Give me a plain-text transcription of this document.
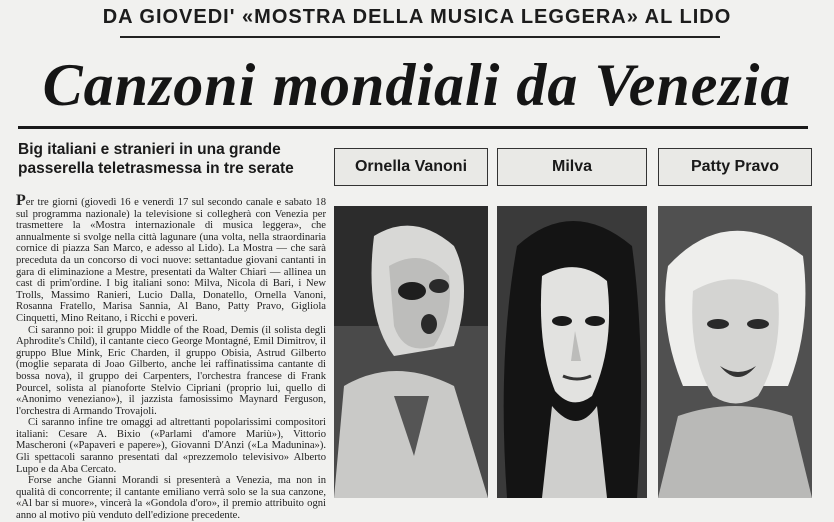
DA GIOVEDI' «MOSTRA DELLA MUSICA LEGGERA» AL LIDO
Canzoni mondiali da Venezia
Big italiani e stranieri in una grande passerella teletrasmessa in tre serate

Per tre giorni (giovedì 16 e venerdì 17 sul secondo canale e sabato 18 sul programma nazionale) la televisione si collegherà con Venezia per trasmettere la «Mostra internazionale di musica leggera», che annualmente si svolge nella città lagunare (una volta, nella straordinaria cornice di piazza San Marco, e adesso al Lido). La Mostra — che sarà preceduta da un concorso di voci nuove: settantadue giovani cantanti in gara di eliminazione a Mestre, presentati da Walter Chiari — allinea un cast di prim'ordine. I big italiani sono: Milva, Nicola di Bari, i New Trolls, Massimo Ranieri, Lucio Dalla, Donatello, Ornella Vanoni, Rosanna Fratello, Marisa Sannia, Al Bano, Patty Pravo, Gigliola Cinquetti, Mino Reitano, i Ricchi e poveri.

Ci saranno poi: il gruppo Middle of the Road, Demis (il solista degli Aphrodite's Child), il cantante cieco George Montagné, Emil Dimitrov, il gruppo Blue Mink, Eric Charden, il gruppo Obisia, Astrud Gilberto (moglie separata di Joao Gilberto, anche lei raffinatissima cantante di bossa nova), il gruppo dei Carpenters, l'orchestra francese di Frank Pourcel, solista al pianoforte Stelvio Cipriani (proprio lui, quello di «Anonimo veneziano»), il jazzista famosissimo Maynard Ferguson, l'orchestra di Armando Trovajoli.

Ci saranno infine tre omaggi ad altrettanti popolarissimi compositori italiani: Cesare A. Bixio («Parlami d'amore Mariù»), Vittorio Mascheroni («Papaveri e papere»), Giovanni D'Anzi («La Madunina»). Gli spettacoli saranno presentati dal «prezzemolo televisivo» Alberto Lupo e da Aba Cercato.

Forse anche Gianni Morandi si presenterà a Venezia, ma non in qualità di concorrente; il cantante emiliano verrà solo se la sua canzone, «Al bar si muore», vincerà la «Gondola d'oro», il premio attribuito ogni anno al motivo più venduto dell'edizione precedente.

Ornella Vanoni	Milva	Patty Pravo
